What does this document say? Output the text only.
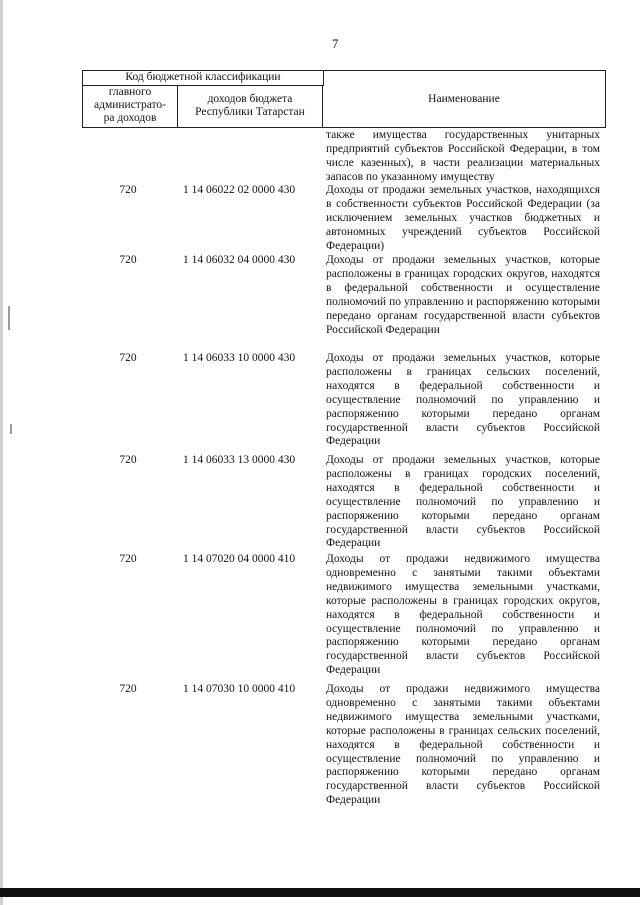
7
Код бюджетной классификации
главного
администрато-
ра доходов
доходов бюджета
Республики Татарстан
Наименование
также имущества государственных унитарных предприятий субъектов Российской Федерации, в том числе казенных), в части реализации материальных запасов по указанному имуществу
720	1 14 06022 02 0000 430	Доходы от продажи земельных участков, находящихся в собственности субъектов Российской Федерации (за исключением земельных участков бюджетных и автономных учреждений субъектов Российской Федерации)
720	1 14 06032 04 0000 430	Доходы от продажи земельных участков, которые расположены в границах городских округов, находятся в федеральной собственности и осуществление полномочий по управлению и распоряжению которыми передано органам государственной власти субъектов Российской Федерации
720	1 14 06033 10 0000 430	Доходы от продажи земельных участков, которые расположены в границах сельских поселений, находятся в федеральной собственности и осуществление полномочий по управлению и распоряжению которыми передано органам государственной власти субъектов Российской Федерации
720	1 14 06033 13 0000 430	Доходы от продажи земельных участков, которые расположены в границах городских поселений, находятся в федеральной собственности и осуществление полномочий по управлению и распоряжению которыми передано органам государственной власти субъектов Российской Федерации
720	1 14 07020 04 0000 410	Доходы от продажи недвижимого имущества одновременно с занятыми такими объектами недвижимого имущества земельными участками, которые расположены в границах городских округов, находятся в федеральной собственности и осуществление полномочий по управлению и распоряжению которыми передано органам государственной власти субъектов Российской Федерации
720	1 14 07030 10 0000 410	Доходы от продажи недвижимого имущества одновременно с занятыми такими объектами недвижимого имущества земельными участками, которые расположены в границах сельских поселений, находятся в федеральной собственности и осуществление полномочий по управлению и распоряжению которыми передано органам государственной власти субъектов Российской Федерации
